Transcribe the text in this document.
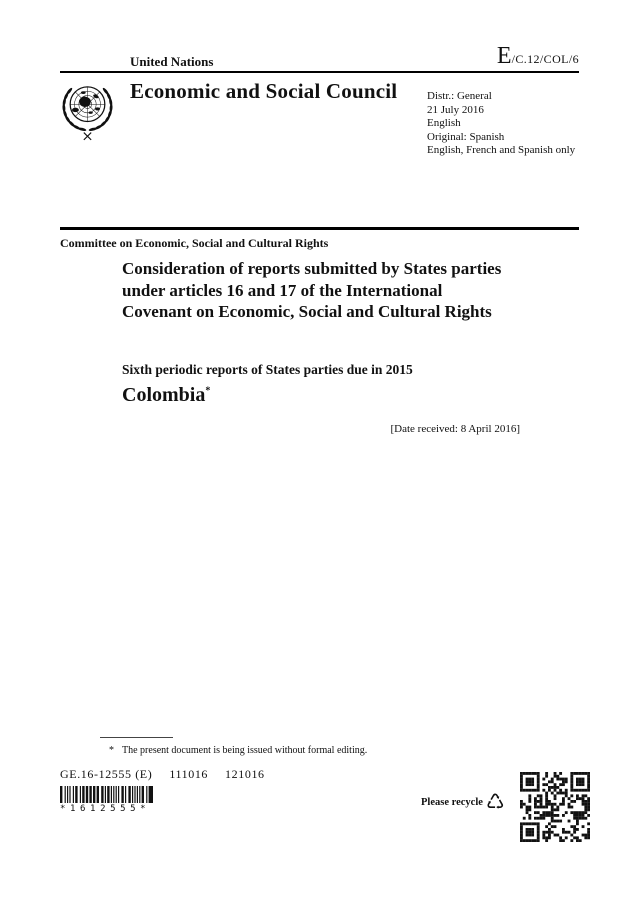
United Nations	E /C.12/COL/6
Economic and Social Council	Distr.: General
21 July 2016
English
Original: Spanish
English, French and Spanish only
Committee on Economic, Social and Cultural Rights
Consideration of reports submitted by States parties under articles 16 and 17 of the International Covenant on Economic, Social and Cultural Rights
Sixth periodic reports of States parties due in 2015
Colombia*
[Date received: 8 April 2016]
* The present document is being issued without formal editing.
GE.16-12555 (E) 111016 121016
*1612555*
Please recycle ♺
